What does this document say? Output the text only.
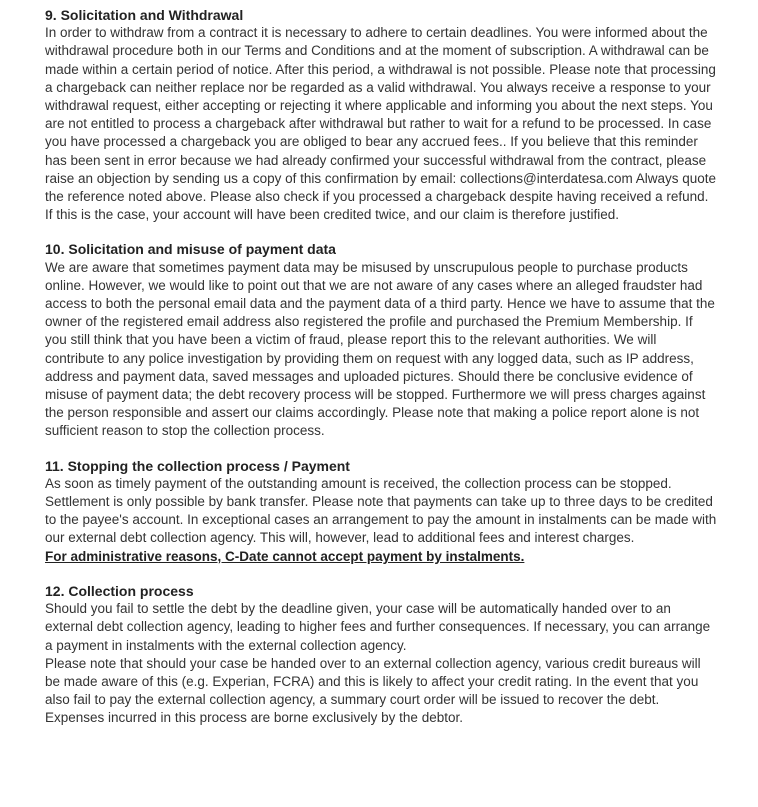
9. Solicitation and Withdrawal

In order to withdraw from a contract it is necessary to adhere to certain deadlines. You were informed about the withdrawal procedure both in our Terms and Conditions and at the moment of subscription. A withdrawal can be made within a certain period of notice. After this period, a withdrawal is not possible. Please note that processing a chargeback can neither replace nor be regarded as a valid withdrawal. You always receive a response to your withdrawal request, either accepting or rejecting it where applicable and informing you about the next steps. You are not entitled to process a chargeback after withdrawal but rather to wait for a refund to be processed. In case you have processed a chargeback you are obliged to bear any accrued fees.. If you believe that this reminder has been sent in error because we had already confirmed your successful withdrawal from the contract, please raise an objection by sending us a copy of this confirmation by email: collections@interdatesa.com Always quote the reference noted above. Please also check if you processed a chargeback despite having received a refund. If this is the case, your account will have been credited twice, and our claim is therefore justified.

10. Solicitation and misuse of payment data

We are aware that sometimes payment data may be misused by unscrupulous people to purchase products online. However, we would like to point out that we are not aware of any cases where an alleged fraudster had access to both the personal email data and the payment data of a third party. Hence we have to assume that the owner of the registered email address also registered the profile and purchased the Premium Membership. If you still think that you have been a victim of fraud, please report this to the relevant authorities. We will contribute to any police investigation by providing them on request with any logged data, such as IP address, address and payment data, saved messages and uploaded pictures. Should there be conclusive evidence of misuse of payment data; the debt recovery process will be stopped. Furthermore we will press charges against the person responsible and assert our claims accordingly. Please note that making a police report alone is not sufficient reason to stop the collection process.

11. Stopping the collection process / Payment

As soon as timely payment of the outstanding amount is received, the collection process can be stopped. Settlement is only possible by bank transfer. Please note that payments can take up to three days to be credited to the payee's account. In exceptional cases an arrangement to pay the amount in instalments can be made with our external debt collection agency. This will, however, lead to additional fees and interest charges.

For administrative reasons, C-Date cannot accept payment by instalments.

12. Collection process

Should you fail to settle the debt by the deadline given, your case will be automatically handed over to an external debt collection agency, leading to higher fees and further consequences. If necessary, you can arrange a payment in instalments with the external collection agency.

Please note that should your case be handed over to an external collection agency, various credit bureaus will be made aware of this (e.g. Experian, FCRA) and this is likely to affect your credit rating. In the event that you also fail to pay the external collection agency, a summary court order will be issued to recover the debt. Expenses incurred in this process are borne exclusively by the debtor.
